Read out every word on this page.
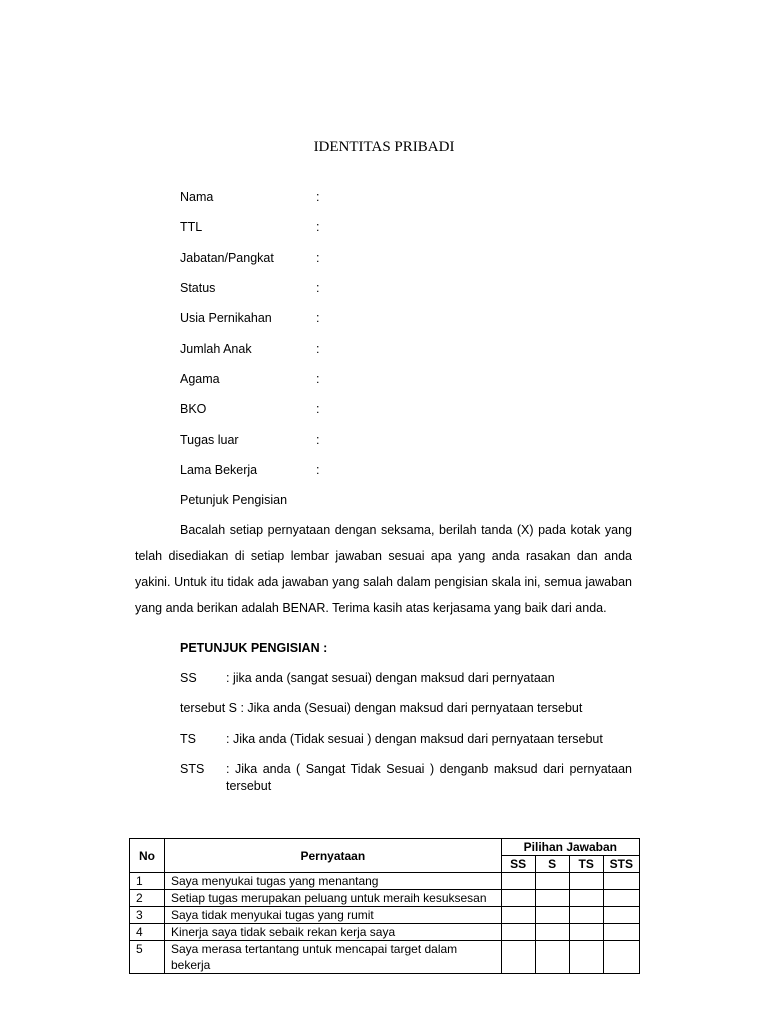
IDENTITAS PRIBADI
Nama	:
TTL	:
Jabatan/Pangkat	:
Status	:
Usia Pernikahan	:
Jumlah Anak	:
Agama	:
BKO	:
Tugas luar	:
Lama Bekerja	:
Petunjuk Pengisian
Bacalah setiap pernyataan dengan seksama, berilah tanda (X) pada kotak yang telah disediakan di setiap lembar jawaban sesuai apa yang anda rasakan dan anda yakini. Untuk itu tidak ada jawaban yang salah dalam pengisian skala ini, semua jawaban yang anda berikan adalah BENAR. Terima kasih atas kerjasama yang baik dari anda.
PETUNJUK PENGISIAN :
SS : jika anda (sangat sesuai) dengan maksud dari pernyataan
tersebut S : Jika anda (Sesuai) dengan maksud dari pernyataan tersebut
TS : Jika anda (Tidak sesuai ) dengan maksud dari pernyataan tersebut
STS : Jika anda ( Sangat Tidak Sesuai ) denganb maksud dari pernyataan tersebut
No	Pernyataan	Pilihan Jawaban			
		SS	S	TS	STS
1	Saya menyukai tugas yang menantang				
2	Setiap tugas merupakan peluang untuk meraih kesuksesan				
3	Saya tidak menyukai tugas yang rumit				
4	Kinerja saya tidak sebaik rekan kerja saya				
5	Saya merasa tertantang untuk mencapai target dalam bekerja				
